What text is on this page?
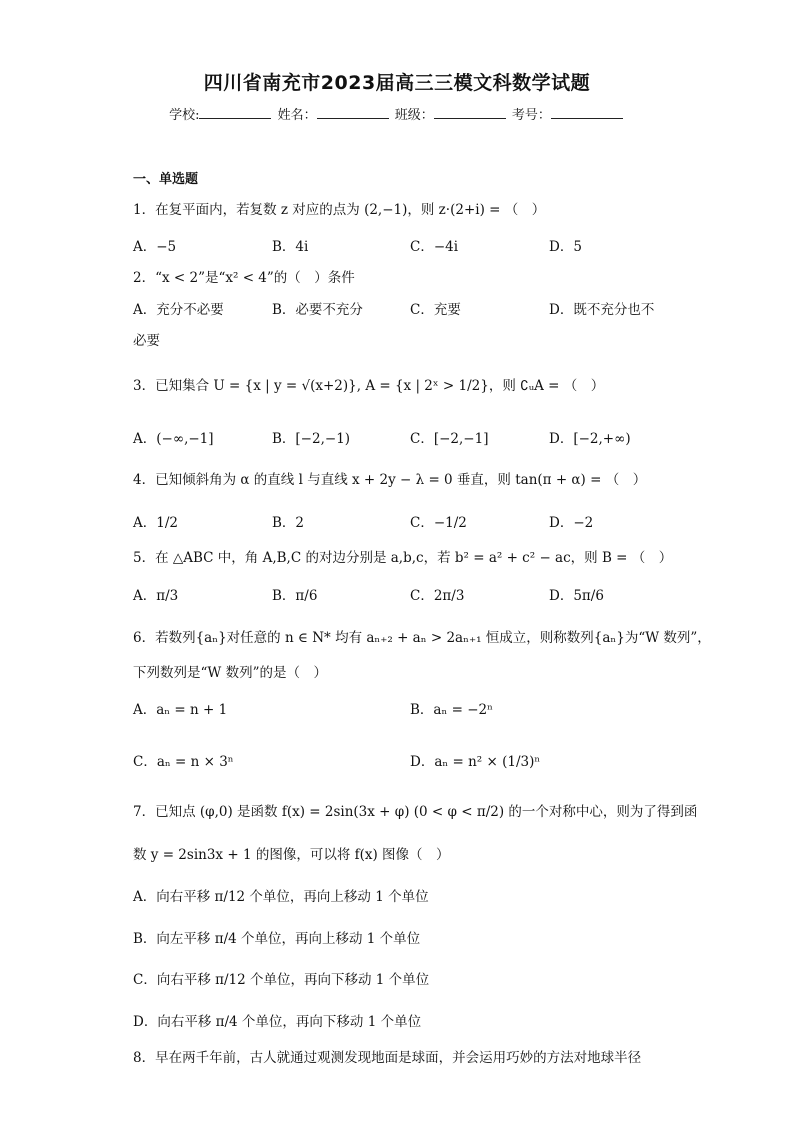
四川省南充市2023届高三三模文科数学试题
学校:	姓名：	班级：	考号：
一、单选题
1．在复平面内，若复数 z 对应的点为 (2,−1)，则 z·(2+i) = （　）
A．−5	B．4i	C．−4i	D．5
2．“x < 2”是“x² < 4”的（　）条件
A．充分不必要	B．必要不充分	C．充要	D．既不充分也不
必要
3．已知集合 U = {x | y = √(x+2)}, A = {x | 2ˣ > 1/2}，则 ∁ᵤA = （　）
A．(−∞,−1]	B．[−2,−1)	C．[−2,−1]	D．[−2,+∞)
4．已知倾斜角为 α 的直线 l 与直线 x + 2y − λ = 0 垂直，则 tan(π + α) = （　）
A．1/2	B．2	C．−1/2	D．−2
5．在 △ABC 中，角 A,B,C 的对边分别是 a,b,c，若 b² = a² + c² − ac，则 B = （　）
A．π/3	B．π/6	C．2π/3	D．5π/6
6．若数列{aₙ}对任意的 n ∈ N* 均有 aₙ₊₂ + aₙ > 2aₙ₊₁ 恒成立，则称数列{aₙ}为“W 数列”，
下列数列是“W 数列”的是（　）
A．aₙ = n + 1	B．aₙ = −2ⁿ
C．aₙ = n × 3ⁿ	D．aₙ = n² × (1/3)ⁿ
7．已知点 (φ,0) 是函数 f(x) = 2sin(3x + φ) (0 < φ < π/2) 的一个对称中心，则为了得到函
数 y = 2sin3x + 1 的图像，可以将 f(x) 图像（　）
A．向右平移 π/12 个单位，再向上移动 1 个单位
B．向左平移 π/4 个单位，再向上移动 1 个单位
C．向右平移 π/12 个单位，再向下移动 1 个单位
D．向右平移 π/4 个单位，再向下移动 1 个单位
8．早在两千年前，古人就通过观测发现地面是球面，并会运用巧妙的方法对地球半径
